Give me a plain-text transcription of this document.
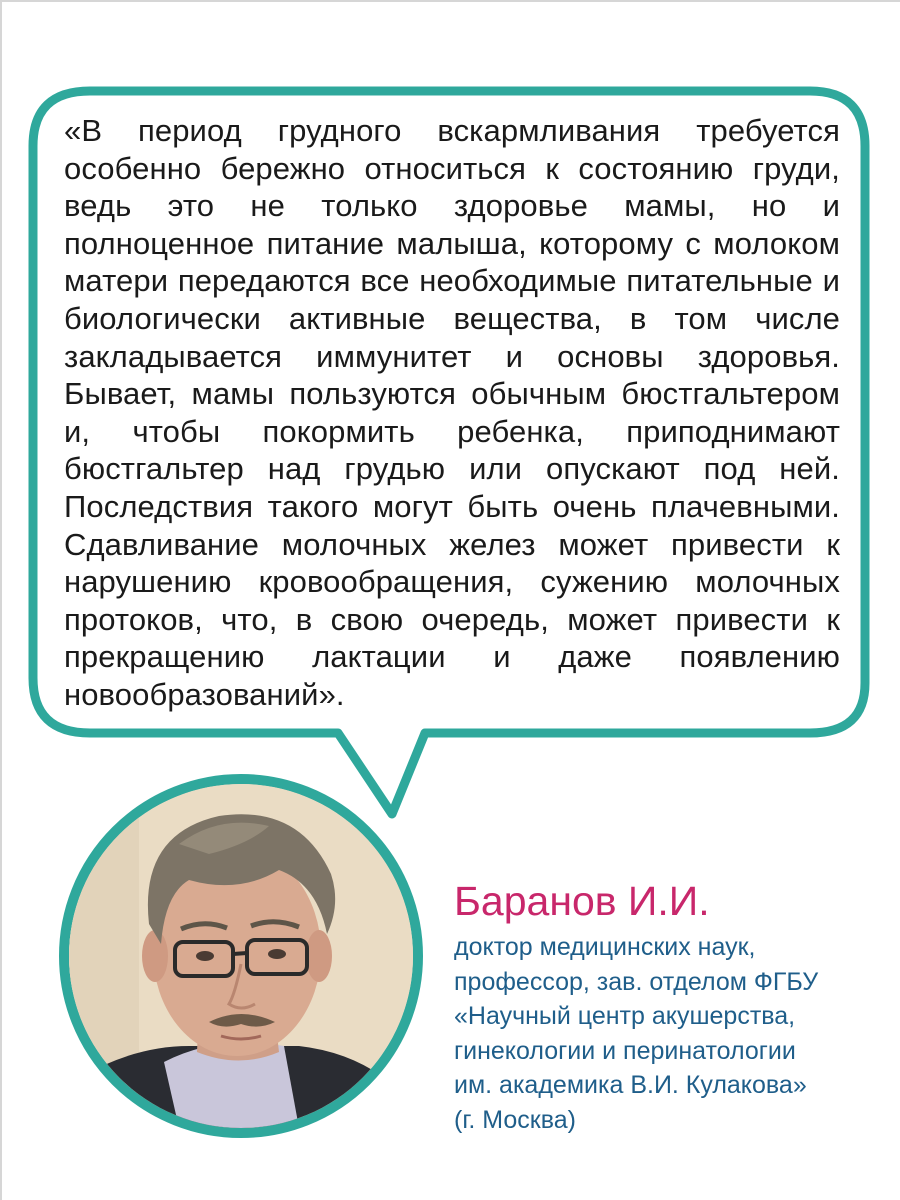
«В период грудного вскармливания требуется особенно бережно относиться к состоянию груди, ведь это не только здоровье мамы, но и полноценное питание малыша, которому с молоком матери передаются все необходимые питательные и биологически активные вещества, в том числе закладывается иммунитет и основы здоровья. Бывает, мамы пользуются обычным бюстгальтером и, чтобы покормить ребенка, приподнимают бюстгальтер над грудью или опускают под ней. Последствия такого могут быть очень плачевными. Сдавливание молочных желез может привести к нарушению кровообращения, сужению молочных протоков, что, в свою очередь, может привести к прекращению лактации и даже появлению новообразований».

Баранов И.И.

доктор медицинских наук,
профессор, зав. отделом ФГБУ
«Научный центр акушерства,
гинекологии и перинатологии
им. академика В.И. Кулакова»
(г. Москва)
